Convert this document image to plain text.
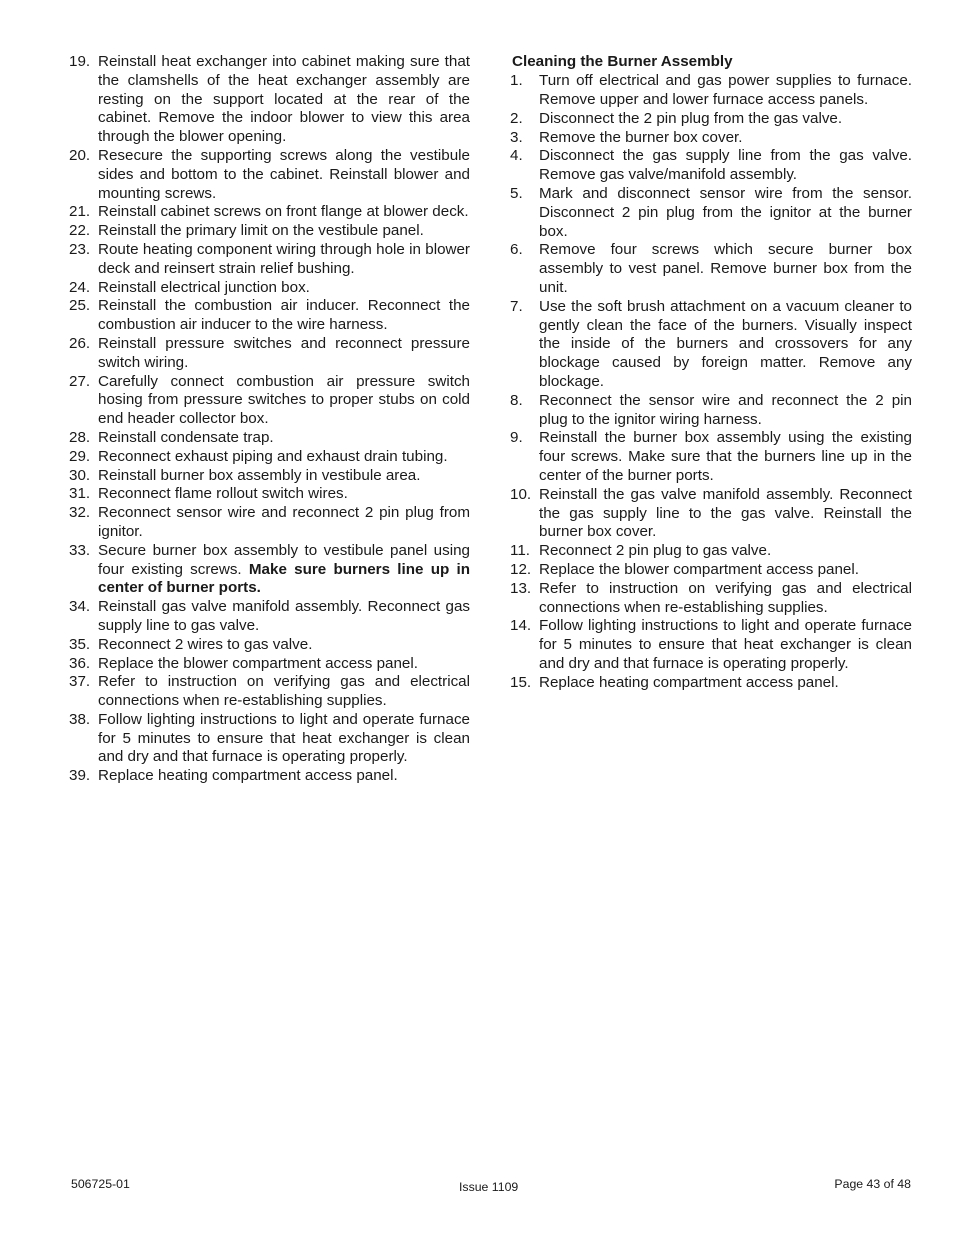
19. Reinstall heat exchanger into cabinet making sure that the clamshells of the heat exchanger assembly are resting on the support located at the rear of the cabinet. Remove the indoor blower to view this area through the blower opening.
20. Resecure the supporting screws along the vestibule sides and bottom to the cabinet. Reinstall blower and mounting screws.
21. Reinstall cabinet screws on front flange at blower deck.
22. Reinstall the primary limit on the vestibule panel.
23. Route heating component wiring through hole in blower deck and reinsert strain relief bushing.
24. Reinstall electrical junction box.
25. Reinstall the combustion air inducer. Reconnect the combustion air inducer to the wire harness.
26. Reinstall pressure switches and reconnect pressure switch wiring.
27. Carefully connect combustion air pressure switch hosing from pressure switches to proper stubs on cold end header collector box.
28. Reinstall condensate trap.
29. Reconnect exhaust piping and exhaust drain tubing.
30. Reinstall burner box assembly in vestibule area.
31. Reconnect flame rollout switch wires.
32. Reconnect sensor wire and reconnect 2 pin plug from ignitor.
33. Secure burner box assembly to vestibule panel using four existing screws. Make sure burners line up in center of burner ports.
34. Reinstall gas valve manifold assembly. Reconnect gas supply line to gas valve.
35. Reconnect 2 wires to gas valve.
36. Replace the blower compartment access panel.
37. Refer to instruction on verifying gas and electrical connections when re-establishing supplies.
38. Follow lighting instructions to light and operate furnace for 5 minutes to ensure that heat exchanger is clean and dry and that furnace is operating properly.
39. Replace heating compartment access panel.
Cleaning the Burner Assembly
1. Turn off electrical and gas power supplies to furnace. Remove upper and lower furnace access panels.
2. Disconnect the 2 pin plug from the gas valve.
3. Remove the burner box cover.
4. Disconnect the gas supply line from the gas valve. Remove gas valve/manifold assembly.
5. Mark and disconnect sensor wire from the sensor. Disconnect 2 pin plug from the ignitor at the burner box.
6. Remove four screws which secure burner box assembly to vest panel. Remove burner box from the unit.
7. Use the soft brush attachment on a vacuum cleaner to gently clean the face of the burners. Visually inspect the inside of the burners and crossovers for any blockage caused by foreign matter. Remove any blockage.
8. Reconnect the sensor wire and reconnect the 2 pin plug to the ignitor wiring harness.
9. Reinstall the burner box assembly using the existing four screws. Make sure that the burners line up in the center of the burner ports.
10. Reinstall the gas valve manifold assembly. Reconnect the gas supply line to the gas valve. Reinstall the burner box cover.
11. Reconnect 2 pin plug to gas valve.
12. Replace the blower compartment access panel.
13. Refer to instruction on verifying gas and electrical connections when re-establishing supplies.
14. Follow lighting instructions to light and operate furnace for 5 minutes to ensure that heat exchanger is clean and dry and that furnace is operating properly.
15. Replace heating compartment access panel.
506725-01	Issue 1109	Page 43 of 48
